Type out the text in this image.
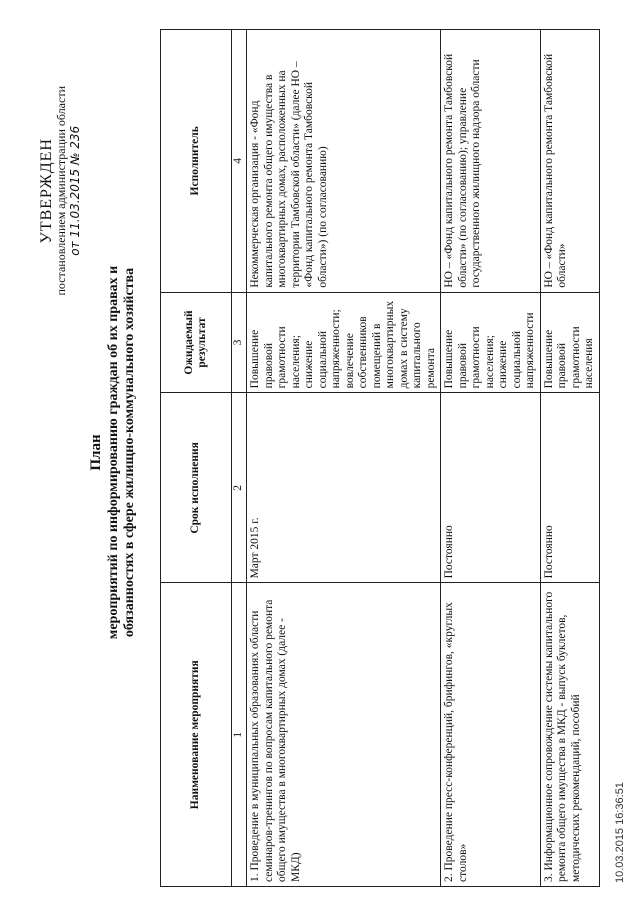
УТВЕРЖДЕН постановлением администрации области от 11.03.2015 № 236
План мероприятий по информированию граждан об их правах и обязанностях в сфере жилищно-коммунального хозяйства
Наименование мероприятия	Срок исполнения	Ожидаемый результат	Исполнитель
1	2	3	4
1. Проведение в муниципальных образованиях области семинаров-тренингов по вопросам капитального ремонта общего имущества в многоквартирных домах (далее - МКД)	Март 2015 г.	Повышение правовой грамотности населения; снижение социальной напряженности; вовлечение собственников помещений в многоквартирных домах в систему капитального ремонта	Некоммерческая организация - «Фонд капитального ремонта общего имущества в многоквартирных домах, расположенных на территории Тамбовской области» (далее НО – «Фонд капитального ремонта Тамбовской области») (по согласованию)
2. Проведение пресс-конференций, брифингов, «круглых столов»	Постоянно	Повышение правовой грамотности населения; снижение социальной напряженности	НО – «Фонд капитального ремонта Тамбовской области» (по согласованию); управление государственного жилищного надзора области
3. Информационное сопровождение системы капитального ремонта общего имущества в МКД - выпуск буклетов, методических рекомендаций, пособий	Постоянно	Повышение правовой грамотности населения	НО – «Фонд капитального ремонта Тамбовской области»
10.03.2015 16:36:51
